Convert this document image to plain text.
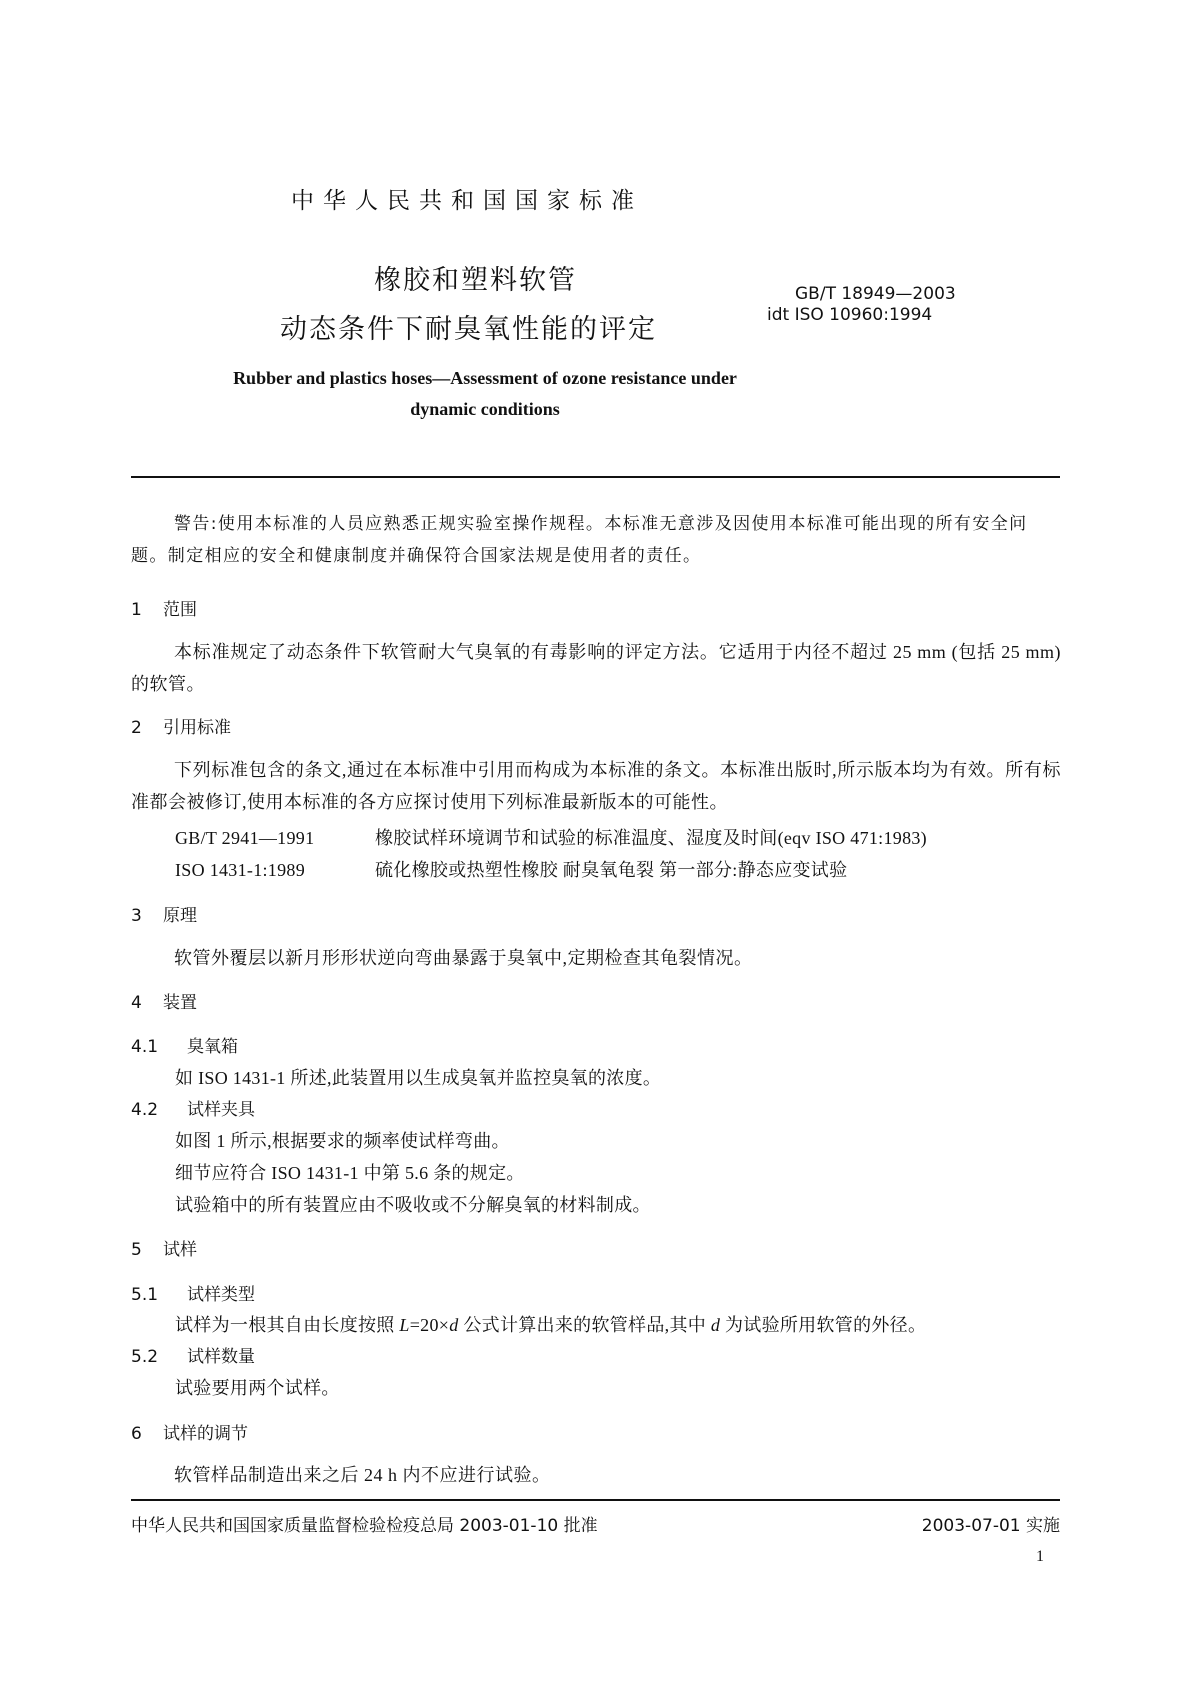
中华人民共和国国家标准
橡胶和塑料软管
动态条件下耐臭氧性能的评定
GB/T 18949—2003
idt ISO 10960:1994
Rubber and plastics hoses—Assessment of ozone resistance under dynamic conditions
警告:使用本标准的人员应熟悉正规实验室操作规程。本标准无意涉及因使用本标准可能出现的所有安全问题。制定相应的安全和健康制度并确保符合国家法规是使用者的责任。
1 范围
本标准规定了动态条件下软管耐大气臭氧的有毒影响的评定方法。它适用于内径不超过 25 mm (包括 25 mm)的软管。
2 引用标准
下列标准包含的条文,通过在本标准中引用而构成为本标准的条文。本标准出版时,所示版本均为有效。所有标准都会被修订,使用本标准的各方应探讨使用下列标准最新版本的可能性。
GB/T 2941—1991	橡胶试样环境调节和试验的标准温度、湿度及时间(eqv ISO 471:1983)
ISO 1431-1:1989	硫化橡胶或热塑性橡胶 耐臭氧龟裂 第一部分:静态应变试验
3 原理
软管外覆层以新月形形状逆向弯曲暴露于臭氧中,定期检查其龟裂情况。
4 装置
4.1 臭氧箱
如 ISO 1431-1 所述,此装置用以生成臭氧并监控臭氧的浓度。
4.2 试样夹具
如图 1 所示,根据要求的频率使试样弯曲。
细节应符合 ISO 1431-1 中第 5.6 条的规定。
试验箱中的所有装置应由不吸收或不分解臭氧的材料制成。
5 试样
5.1 试样类型
试样为一根其自由长度按照 L=20×d 公式计算出来的软管样品,其中 d 为试验所用软管的外径。
5.2 试样数量
试验要用两个试样。
6 试样的调节
软管样品制造出来之后 24 h 内不应进行试验。
中华人民共和国国家质量监督检验检疫总局 2003-01-10 批准	2003-07-01 实施
1
